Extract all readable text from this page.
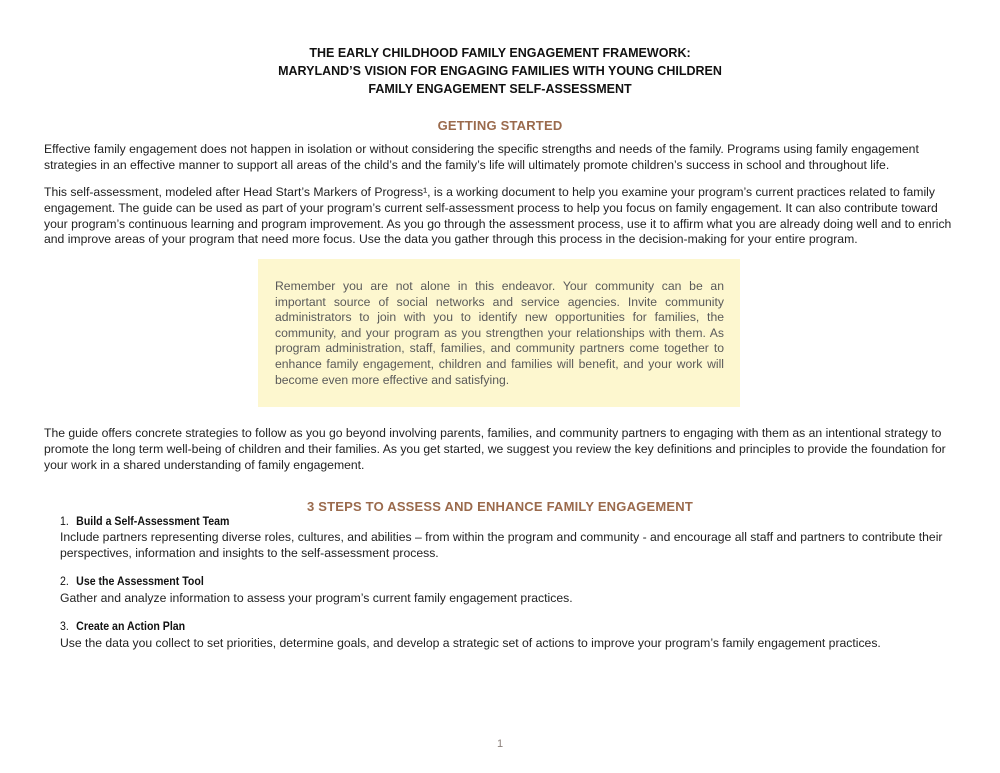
THE EARLY CHILDHOOD FAMILY ENGAGEMENT FRAMEWORK:
MARYLAND’S VISION FOR ENGAGING FAMILIES WITH YOUNG CHILDREN
FAMILY ENGAGEMENT SELF-ASSESSMENT
GETTING STARTED

Effective family engagement does not happen in isolation or without considering the specific strengths and needs of the family. Programs using family engagement strategies in an effective manner to support all areas of the child’s and the family’s life will ultimately promote children’s success in school and throughout life.

This self-assessment, modeled after Head Start’s Markers of Progress¹, is a working document to help you examine your program’s current practices related to family engagement. The guide can be used as part of your program’s current self-assessment process to help you focus on family engagement. It can also contribute toward your program’s continuous learning and program improvement. As you go through the assessment process, use it to affirm what you are already doing well and to enrich and improve areas of your program that need more focus. Use the data you gather through this process in the decision-making for your entire program.

Remember you are not alone in this endeavor. Your community can be an important source of social networks and service agencies. Invite community administrators to join with you to identify new opportunities for families, the community, and your program as you strengthen your relationships with them. As program administration, staff, families, and community partners come together to enhance family engagement, children and families will benefit, and your work will become even more effective and satisfying.

The guide offers concrete strategies to follow as you go beyond involving parents, families, and community partners to engaging with them as an intentional strategy to promote the long term well-being of children and their families. As you get started, we suggest you review the key definitions and principles to provide the foundation for your work in a shared understanding of family engagement.

3 STEPS TO ASSESS AND ENHANCE FAMILY ENGAGEMENT
1. Build a Self-Assessment Team

Include partners representing diverse roles, cultures, and abilities – from within the program and community - and encourage all staff and partners to contribute their perspectives, information and insights to the self-assessment process.

2. Use the Assessment Tool

Gather and analyze information to assess your program’s current family engagement practices.

3. Create an Action Plan

Use the data you collect to set priorities, determine goals, and develop a strategic set of actions to improve your program’s family engagement practices.

1
